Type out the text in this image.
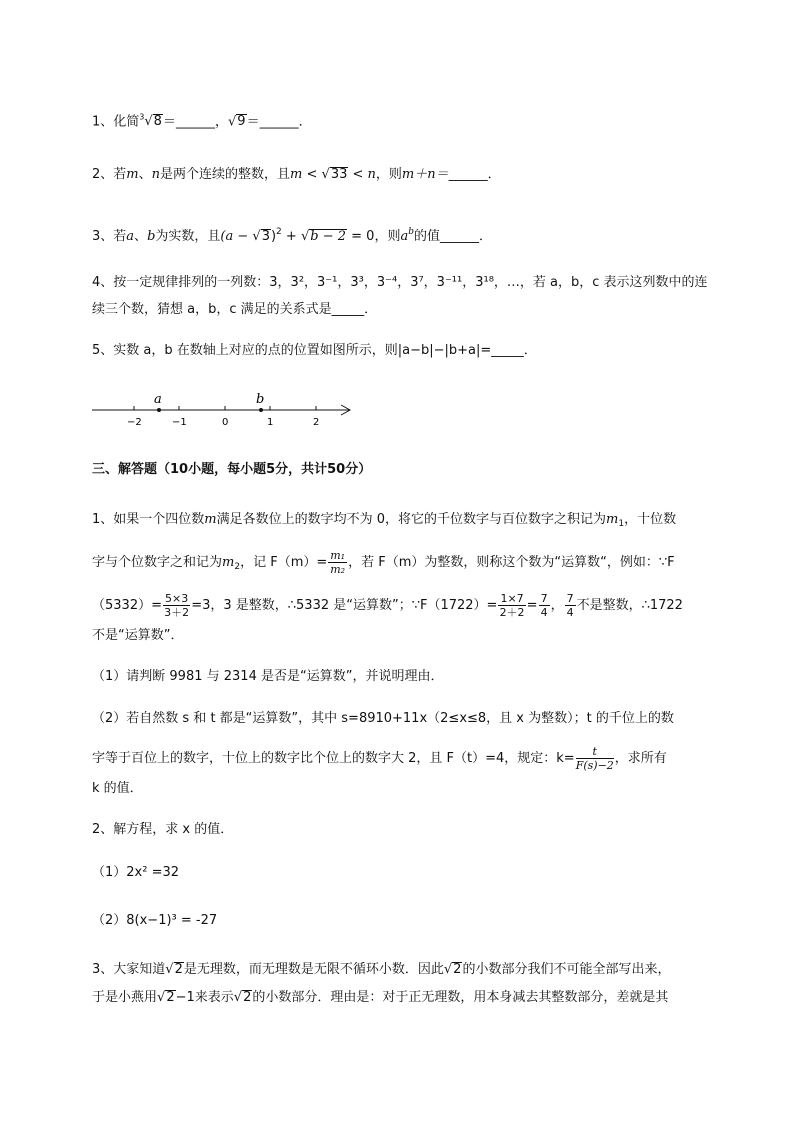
1、化简$^3$√8＝______，√9＝______．
2、若m、n是两个连续的整数，且m < √33 < n，则m＋n＝______．
3、若a、b为实数，且$(a - √3)^2 + √b - 2 = 0$，则$a^b$的值______．
4、按一定规律排列的一列数：3，3²，3⁻¹，3³，3⁻⁴，3⁷，3⁻¹¹，3¹⁸，…，若 a，b，c 表示这列数中的连
续三个数，猜想 a，b，c 满足的关系式是_____．
5、实数 a，b 在数轴上对应的点的位置如图所示，则|a−b|−|b+a|=_____．
a	b
−2	−1	0	1	2
三、解答题（10小题，每小题5分，共计50分）
1、如果一个四位数m满足各数位上的数字均不为 0，将它的千位数字与百位数字之积记为$m_1$，十位数
字与个位数字之和记为$m_2$，记 $F(m)= \frac{\text{m₁}}{\text{m₂}}$ ，若 F（m）为整数，则称这个数为“运算数“，例如：∵F
$(5332)= \frac{5\times 3}{3+2} =3$，3 是整数，∴5332 是“运算数”；∵F（1722）= $\frac{1\times 7}{2+2} = \frac{7}{4}$ ， $\frac{7}{4}$ 不是整数，∴1722
不是“运算数”．
（1）请判断 9981 与 2314 是否是“运算数”，并说明理由．
（2）若自然数 s 和 t 都是“运算数”，其中 s=8910+11x（2≤x≤8，且 x 为整数）；t 的千位上的数
字等于百位上的数字，十位上的数字比个位上的数字大 2，且 F（t）=4，规定：$k= \frac{t}{F(s)-2}$ ，求所有
k 的值．
2、解方程，求 x 的值．
（1）2x² =32
（2）8(x−1)³ = -27
3、大家知道√2是无理数，而无理数是无限不循环小数．因此√2的小数部分我们不可能全部写出来，
于是小燕用√2−1来表示√2的小数部分．理由是：对于正无理数，用本身减去其整数部分，差就是其
